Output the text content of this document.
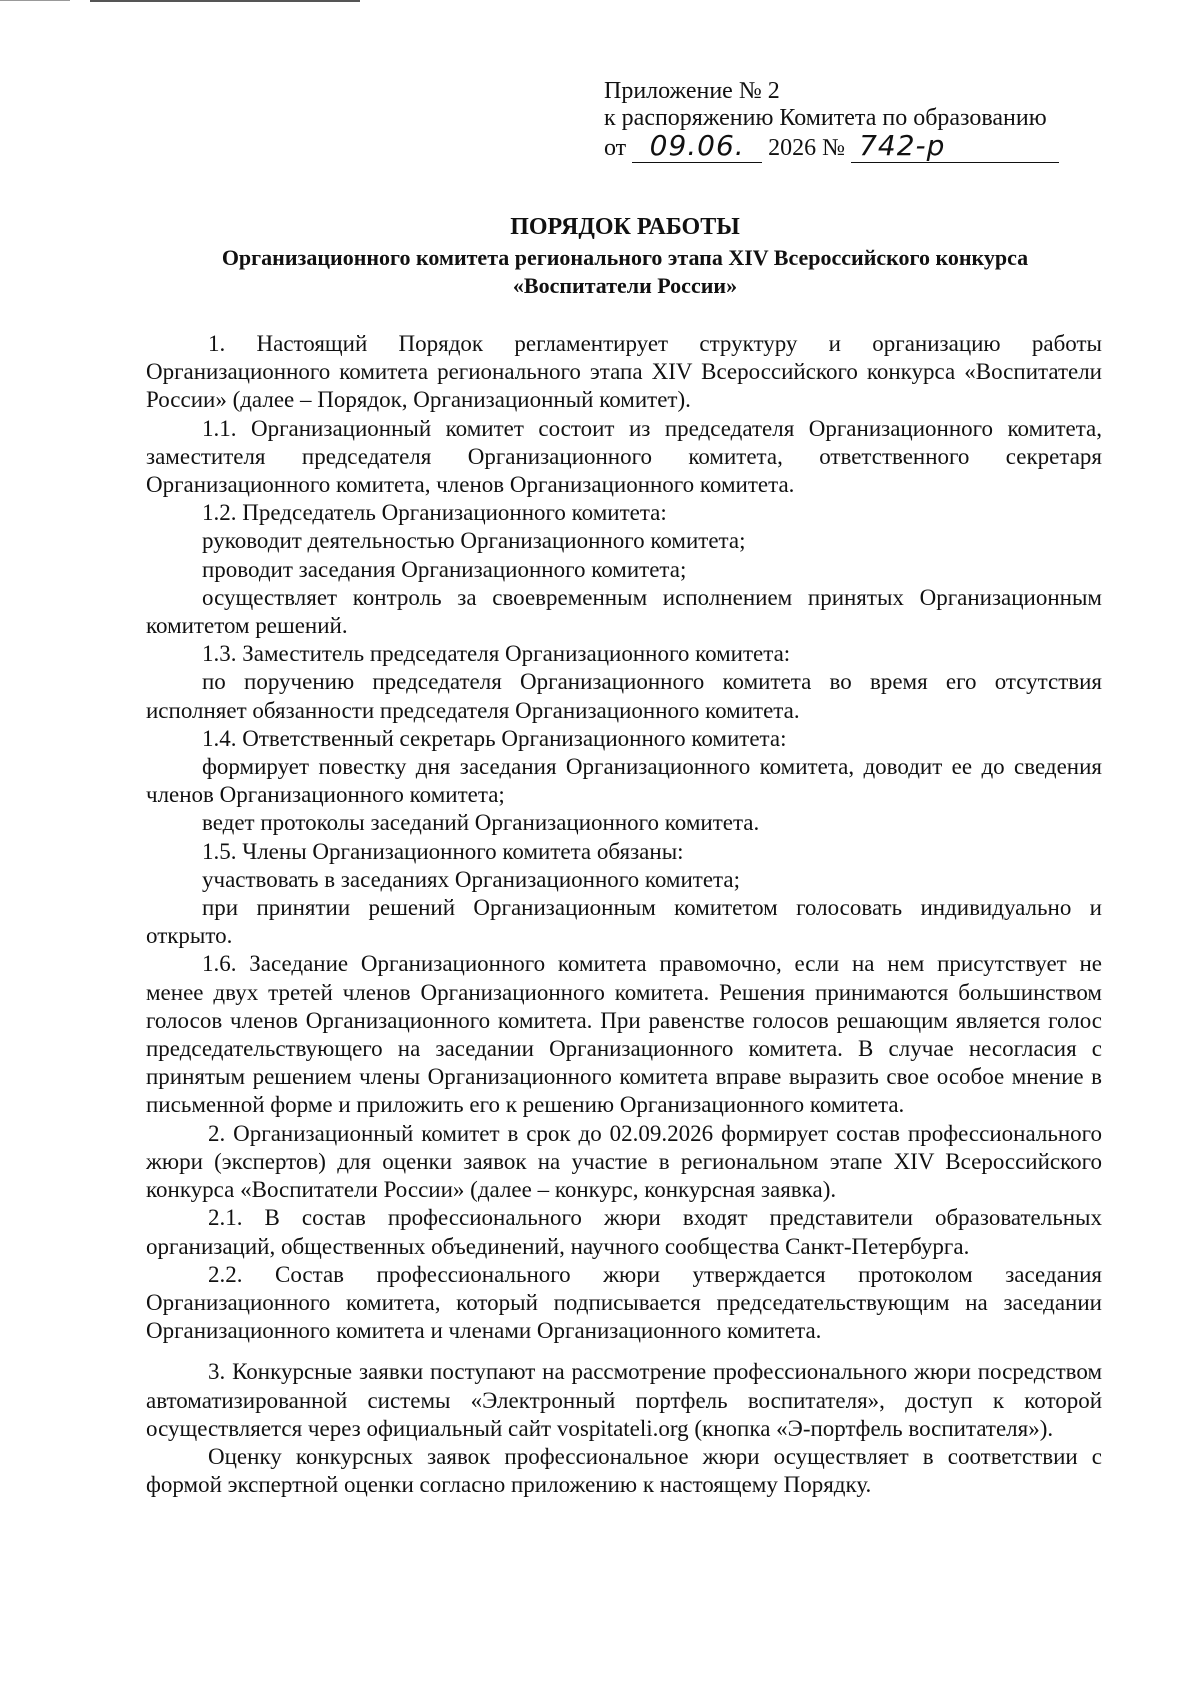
Приложение № 2
к распоряжению Комитета по образованию
от 09.06. 2026 № 742-р
ПОРЯДОК РАБОТЫ
Организационного комитета регионального этапа XIV Всероссийского конкурса
«Воспитатели России»

1. Настоящий Порядок регламентирует структуру и организацию работы Организационного комитета регионального этапа XIV Всероссийского конкурса «Воспитатели России» (далее – Порядок, Организационный комитет).

1.1. Организационный комитет состоит из председателя Организационного комитета, заместителя председателя Организационного комитета, ответственного секретаря Организационного комитета, членов Организационного комитета.

1.2. Председатель Организационного комитета:

руководит деятельностью Организационного комитета;

проводит заседания Организационного комитета;

осуществляет контроль за своевременным исполнением принятых Организационным комитетом решений.

1.3. Заместитель председателя Организационного комитета:

по поручению председателя Организационного комитета во время его отсутствия исполняет обязанности председателя Организационного комитета.

1.4. Ответственный секретарь Организационного комитета:

формирует повестку дня заседания Организационного комитета, доводит ее до сведения членов Организационного комитета;

ведет протоколы заседаний Организационного комитета.

1.5. Члены Организационного комитета обязаны:

участвовать в заседаниях Организационного комитета;

при принятии решений Организационным комитетом голосовать индивидуально и открыто.

1.6. Заседание Организационного комитета правомочно, если на нем присутствует не менее двух третей членов Организационного комитета. Решения принимаются большинством голосов членов Организационного комитета. При равенстве голосов решающим является голос председательствующего на заседании Организационного комитета. В случае несогласия с принятым решением члены Организационного комитета вправе выразить свое особое мнение в письменной форме и приложить его к решению Организационного комитета.

2. Организационный комитет в срок до 02.09.2026 формирует состав профессионального жюри (экспертов) для оценки заявок на участие в региональном этапе XIV Всероссийского конкурса «Воспитатели России» (далее – конкурс, конкурсная заявка).

2.1. В состав профессионального жюри входят представители образовательных организаций, общественных объединений, научного сообщества Санкт-Петербурга.

2.2. Состав профессионального жюри утверждается протоколом заседания Организационного комитета, который подписывается председательствующим на заседании Организационного комитета и членами Организационного комитета.

3. Конкурсные заявки поступают на рассмотрение профессионального жюри посредством автоматизированной системы «Электронный портфель воспитателя», доступ к которой осуществляется через официальный сайт vospitateli.org (кнопка «Э-портфель воспитателя»).

Оценку конкурсных заявок профессиональное жюри осуществляет в соответствии с формой экспертной оценки согласно приложению к настоящему Порядку.
